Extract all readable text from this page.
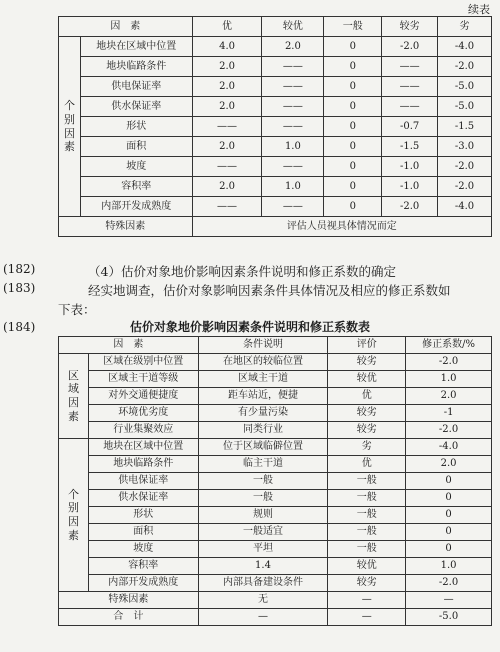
续表
因　素		优	较优	一般	较劣	劣
个
别
因
素	地块在区域中位置	4.0	2.0	0	-2.0	-4.0
	地块临路条件	2.0	——	0	——	-2.0
	供电保证率	2.0	——	0	——	-5.0
	供水保证率	2.0	——	0	——	-5.0
	形状	——	——	0	-0.7	-1.5
	面积	2.0	1.0	0	-1.5	-3.0
	坡度	——	——	0	-1.0	-2.0
	容积率	2.0	1.0	0	-1.0	-2.0
	内部开发成熟度	——	——	0	-2.0	-4.0
特殊因素		评估人员视具体情况而定				
(182)	（4）估价对象地价影响因素条件说明和修正系数的确定
(183)	经实地调查，估价对象影响因素条件具体情况及相应的修正系数如
下表：
(184)	估价对象地价影响因素条件说明和修正系数表
因　素		条件说明	评价	修正系数/%
区
域
因
素	区域在级别中位置	在地区的较临位置	较劣	-2.0
	区域主干道等级	区域主干道	较优	1.0
	对外交通便捷度	距车站近，便捷	优	2.0
	环境优劣度	有少量污染	较劣	-1
	行业集聚效应	同类行业	较劣	-2.0
个
别
因
素	地块在区域中位置	位于区域临僻位置	劣	-4.0
	地块临路条件	临主干道	优	2.0
	供电保证率	一般	一般	0
	供水保证率	一般	一般	0
	形状	规则	一般	0
	面积	一般适宜	一般	0
	坡度	平坦	一般	0
	容积率	1.4	较优	1.0
	内部开发成熟度	内部具备建设条件	较劣	-2.0
特殊因素		无	—	—
合　计		—	—	-5.0
